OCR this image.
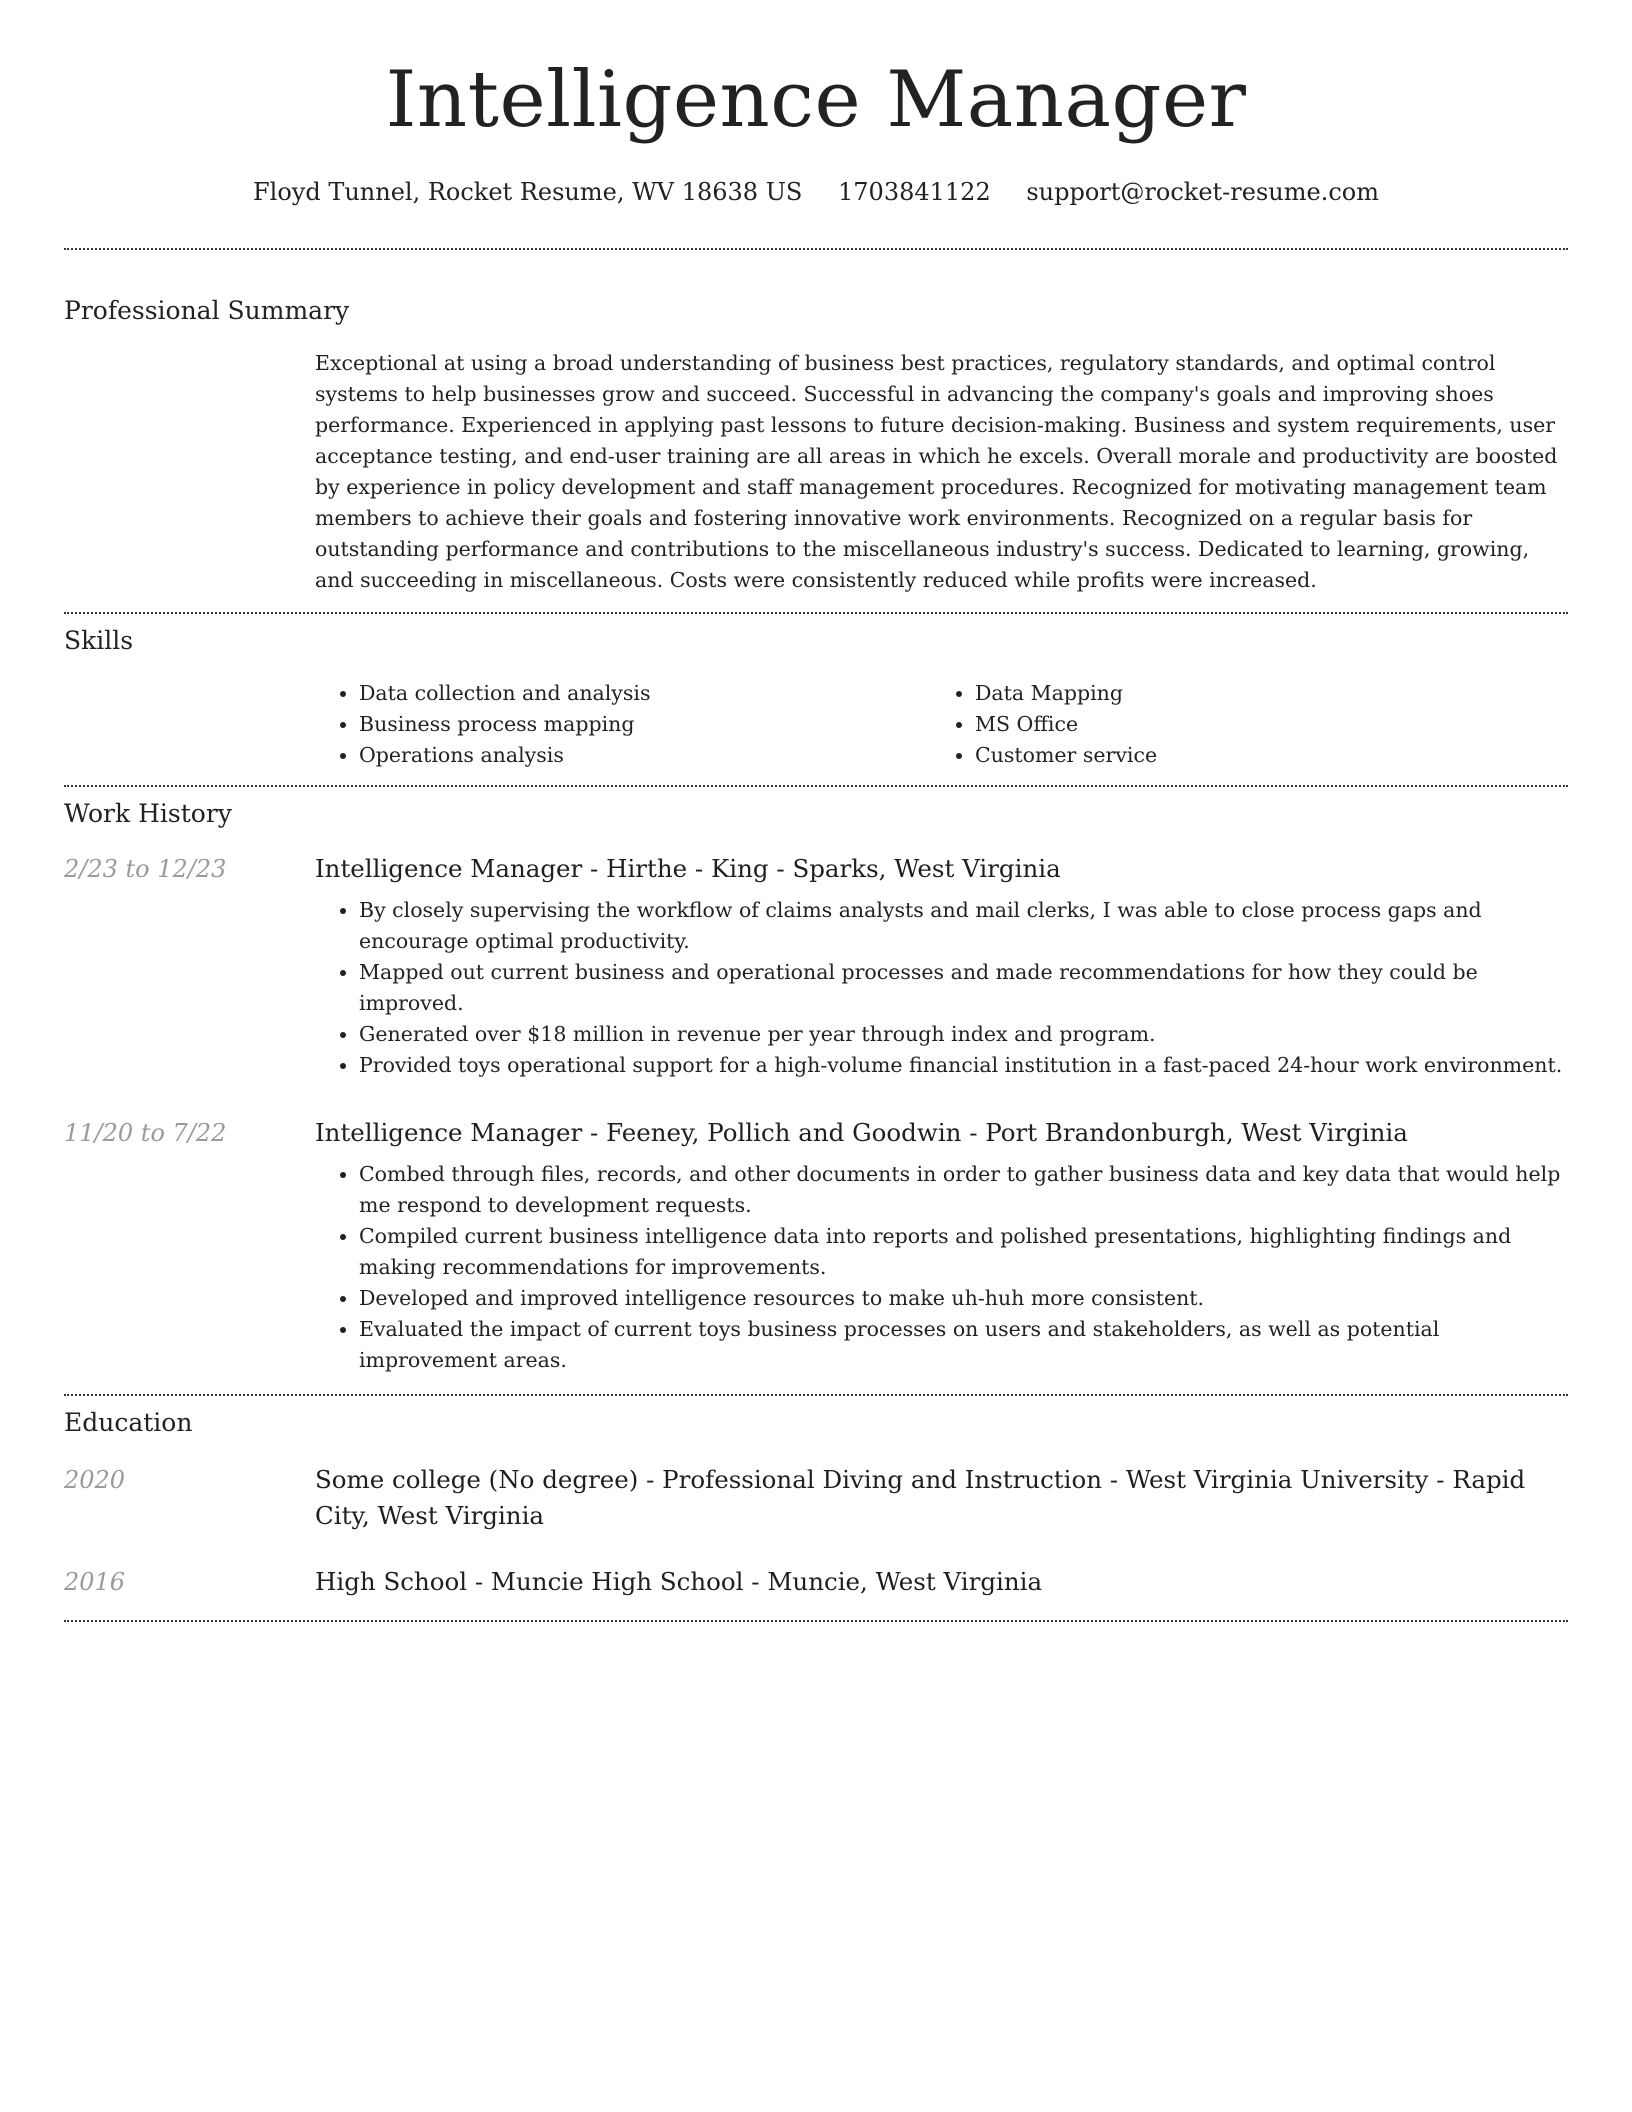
Intelligence Manager
Floyd Tunnel, Rocket Resume, WV 18638 US 1703841122 support@rocket-resume.com
Professional Summary
Exceptional at using a broad understanding of business best practices, regulatory standards, and optimal control systems to help businesses grow and succeed. Successful in advancing the company's goals and improving shoes performance. Experienced in applying past lessons to future decision-making. Business and system requirements, user acceptance testing, and end-user training are all areas in which he excels. Overall morale and productivity are boosted by experience in policy development and staff management procedures. Recognized for motivating management team members to achieve their goals and fostering innovative work environments. Recognized on a regular basis for outstanding performance and contributions to the miscellaneous industry's success. Dedicated to learning, growing, and succeeding in miscellaneous. Costs were consistently reduced while profits were increased.
Skills
• Data collection and analysis
• Business process mapping
• Operations analysis
• Data Mapping
• MS Office
• Customer service
Work History
2/23 to 12/23	Intelligence Manager - Hirthe - King - Sparks, West Virginia
• By closely supervising the workflow of claims analysts and mail clerks, I was able to close process gaps and encourage optimal productivity.
• Mapped out current business and operational processes and made recommendations for how they could be improved.
• Generated over $18 million in revenue per year through index and program.
• Provided toys operational support for a high-volume financial institution in a fast-paced 24-hour work environment.
11/20 to 7/22	Intelligence Manager - Feeney, Pollich and Goodwin - Port Brandonburgh, West Virginia
• Combed through files, records, and other documents in order to gather business data and key data that would help me respond to development requests.
• Compiled current business intelligence data into reports and polished presentations, highlighting findings and making recommendations for improvements.
• Developed and improved intelligence resources to make uh-huh more consistent.
• Evaluated the impact of current toys business processes on users and stakeholders, as well as potential improvement areas.
Education
2020	Some college (No degree) - Professional Diving and Instruction - West Virginia University - Rapid City, West Virginia
2016	High School - Muncie High School - Muncie, West Virginia
